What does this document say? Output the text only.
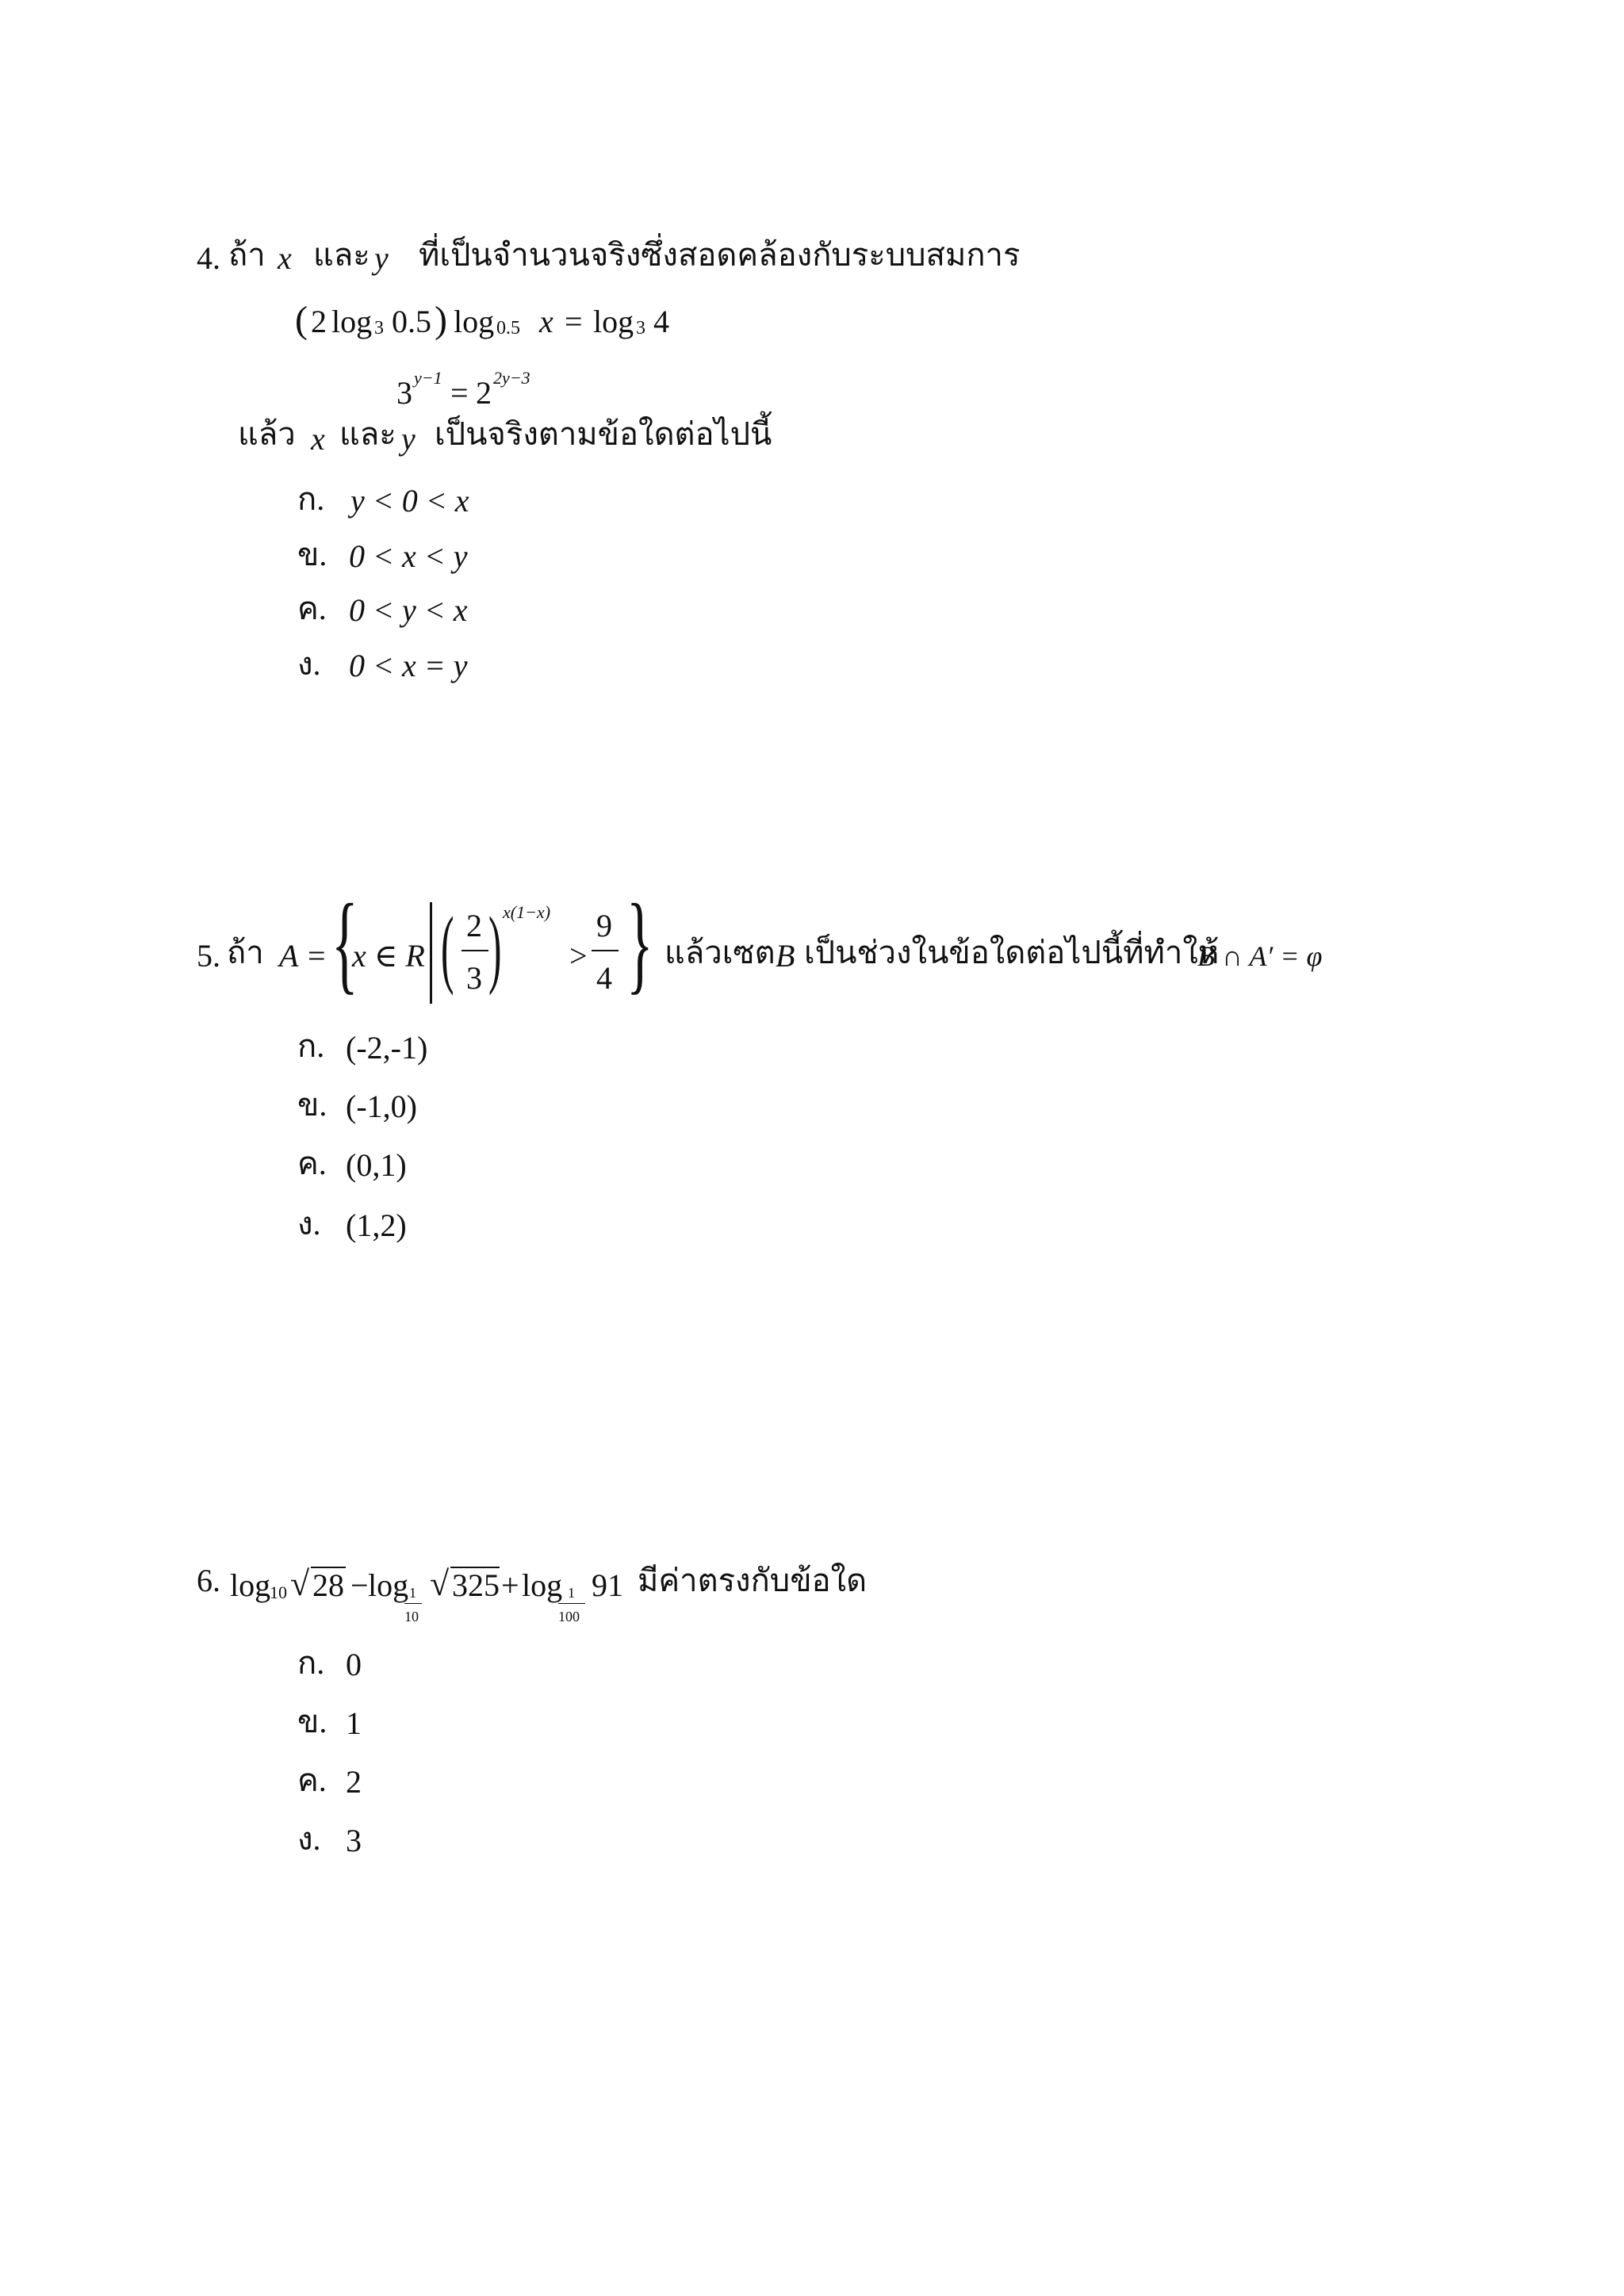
4. ถ้า x และ y ที่เป็นจำนวนจริงซึ่งสอดคล้องกับระบบสมการ
( 2 log 3 0.5 ) log 0.5 x = log 3 4
3 y−1 = 2 2y−3
แล้ว x และ y เป็นจริงตามข้อใดต่อไปนี้
ก. y < 0 < x
ข. 0 < x < y
ค. 0 < y < x
ง. 0 < x = y
5. ถ้า A = {
x ∈ R ( 2
3 ) x(1−x)
>
9
4 } แล้วเซต B เป็นช่วงในข้อใดต่อไปนี้ที่ทำให้
B ∩ A′ = φ
ก. (-2,-1)
ข. (-1,0)
ค. (0,1)
ง. (1,2)
6. log
10 √ 28 − log 1
10
√ 325 + log 1
100
91 มีค่าตรงกับข้อใด
ก. 0
ข. 1
ค. 2
ง. 3
